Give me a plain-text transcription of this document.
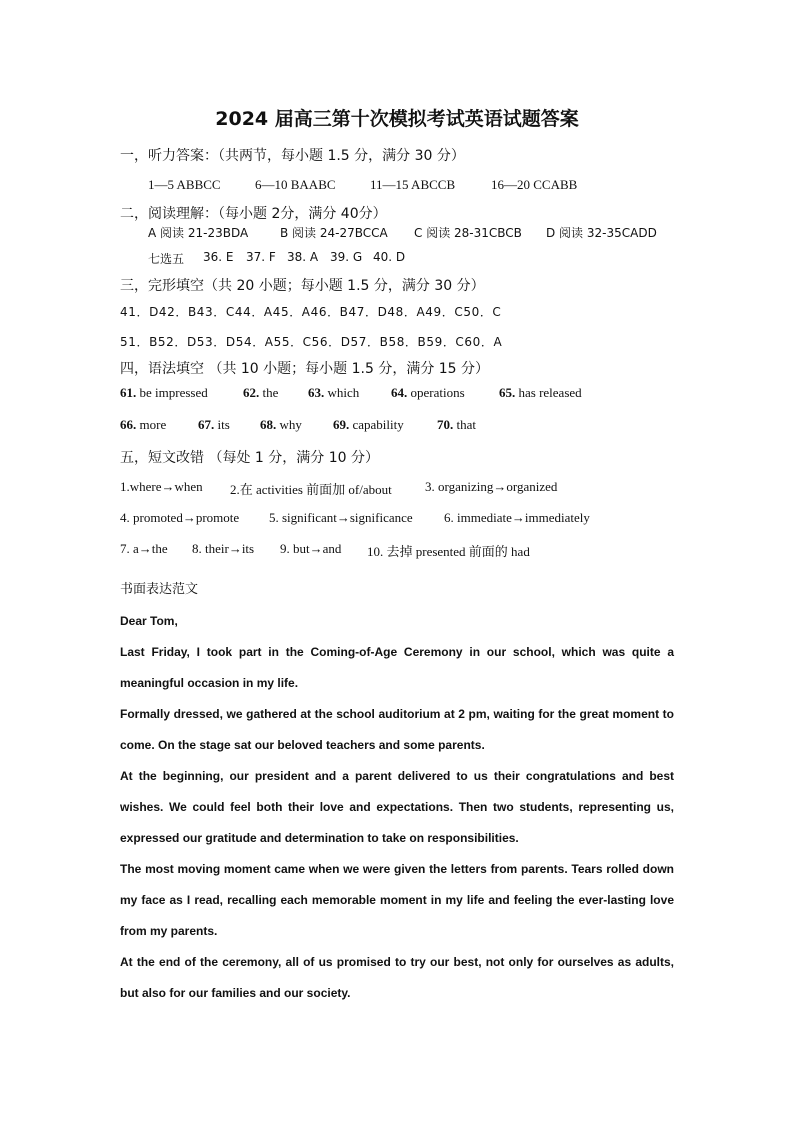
2024 届高三第十次模拟考试英语试题答案
一，听力答案：（共两节，每小题 1.5 分，满分 30 分）
1—5 ABBCC	6—10 BAABC	11—15 ABCCB	16—20 CCABB
二，阅读理解：（每小题 2分，满分 40分）
A 阅读 21-23BDA	B 阅读 24-27BCCA C 阅读 28-31CBCB D 阅读 32-35CADD
七选五 36. E 37. F 38. A 39. G 40. D
三，完形填空（共 20 小题；每小题 1.5 分，满分 30 分）
41．D42．B43．C44．A45．A46．B47．D48．A49．C50．C
51．B52．D53．D54．A55．C56．D57．B58．B59．C60．A
四，语法填空 （共 10 小题；每小题 1.5 分，满分 15 分）
61. be impressed	62. the 63. which 64. operations	65. has released
66. more 67. its 68. why 69. capability	70. that
五，短文改错 （每处 1 分，满分 10 分）
1.where→when 2.在 activities 前面加 of/about	3. organizing→organized
4. promoted→promote 5. significant→significance 6. immediate→immediately
7. a→the 8. their→its 9. but→and 10. 去掉 presented 前面的 had
书面表达范文

Dear Tom,

Last Friday, I took part in the Coming-of-Age Ceremony in our school, which was quite a meaningful occasion in my life.

Formally dressed, we gathered at the school auditorium at 2 pm, waiting for the great moment to come. On the stage sat our beloved teachers and some parents.

At the beginning, our president and a parent delivered to us their congratulations and best wishes. We could feel both their love and expectations. Then two students, representing us, expressed our gratitude and determination to take on responsibilities.

The most moving moment came when we were given the letters from parents. Tears rolled down my face as I read, recalling each memorable moment in my life and feeling the ever-lasting love from my parents.

At the end of the ceremony, all of us promised to try our best, not only for ourselves as adults, but also for our families and our society.
